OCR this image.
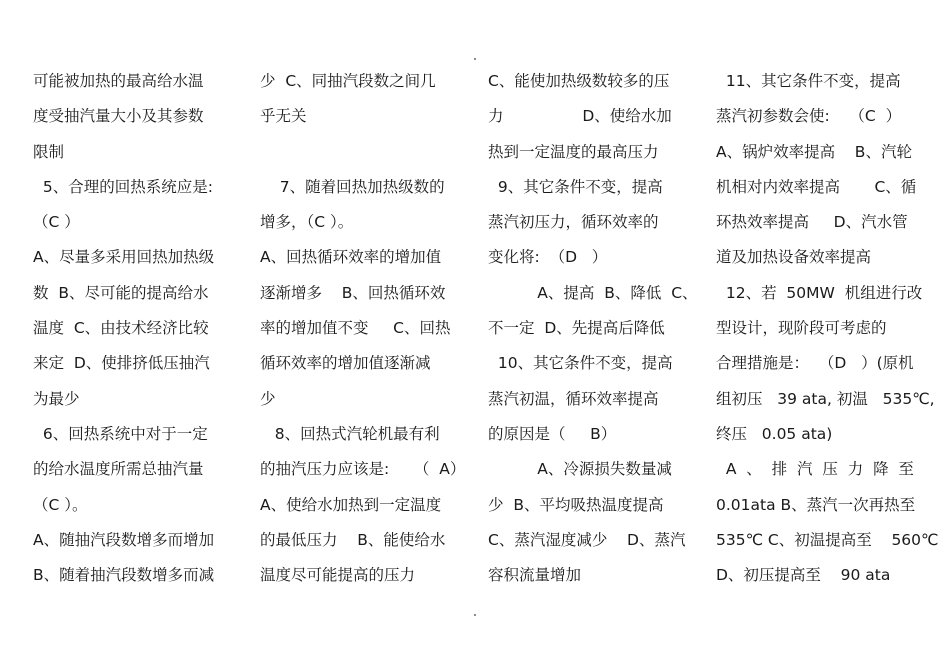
可能被加热的最高给水温
度受抽汽量大小及其参数
限制
5、合理的回热系统应是:
（C ）
A、尽量多采用回热加热级
数  B、尽可能的提高给水
温度  C、由技术经济比较
来定  D、使排挤低压抽汽
为最少
6、回热系统中对于一定
的给水温度所需总抽汽量
（C ）。
A、随抽汽段数增多而增加
B、随着抽汽段数增多而减
少  C、同抽汽段数之间几
乎无关
7、随着回热加热级数的
增多，（C ）。
A、回热循环效率的增加值
逐渐增多    B、回热循环效
率的增加值不变     C、回热
循环效率的增加值逐渐减
少
8、回热式汽轮机最有利
的抽汽压力应该是:     （  A）
A、使给水加热到一定温度
的最低压力    B、能使给水
温度尽可能提高的压力
C、能使加热级数较多的压
力                D、使给水加
热到一定温度的最高压力
9、其它条件不变，提高
蒸汽初压力，循环效率的
变化将:  （D   ）
A、提高  B、降低  C、
不一定  D、先提高后降低
10、其它条件不变，提高
蒸汽初温，循环效率提高
的原因是（     B）
A、冷源损失数量减
少  B、平均吸热温度提高
C、蒸汽湿度减少    D、蒸汽
容积流量增加
11、其它条件不变，提高
蒸汽初参数会使:    （C  ）
A、锅炉效率提高    B、汽轮
机相对内效率提高       C、循
环热效率提高     D、汽水管
道及加热设备效率提高
12、若  50MW  机组进行改
型设计，现阶段可考虑的
合理措施是：  （D   ）(原机
组初压   39 ata, 初温   535℃,
终压   0.05 ata)
A  、  排  汽  压  力  降  至
0.01ata B、蒸汽一次再热至
535℃ C、初温提高至    560℃
D、初压提高至    90 ata
